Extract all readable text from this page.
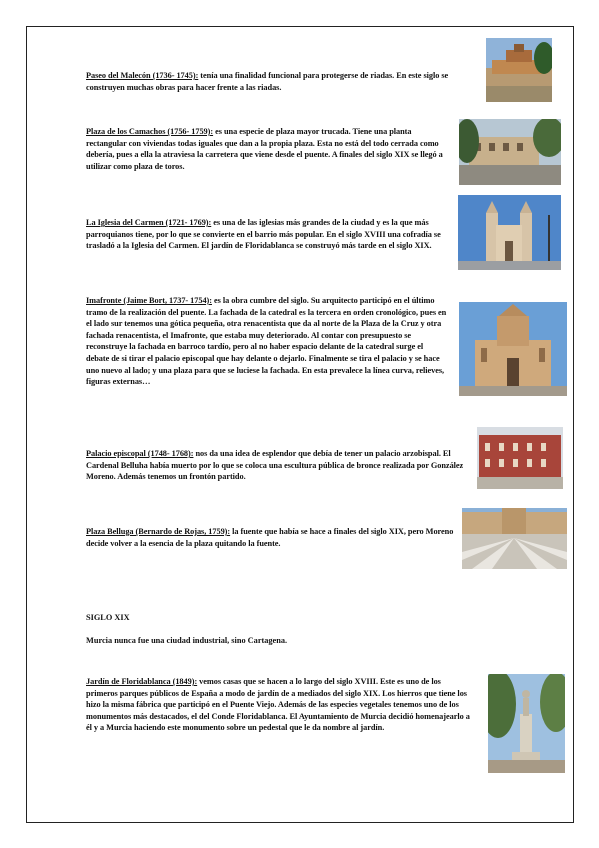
Paseo del Malecón (1736- 1745): tenía una finalidad funcional para protegerse de riadas. En este siglo se construyen muchas obras para hacer frente a las riadas.
Plaza de los Camachos (1756- 1759): es una especie de plaza mayor trucada. Tiene una planta rectangular con viviendas todas iguales que dan a la propia plaza. Esta no está del todo cerrada como debería, pues a ella la atraviesa la carretera que viene desde el puente. A finales del siglo XIX se llegó a utilizar como plaza de toros.
La Iglesia del Carmen (1721- 1769): es una de las iglesias más grandes de la ciudad y es la que más parroquianos tiene, por lo que se convierte en el barrio más popular. En el siglo XVIII una cofradía se trasladó a la Iglesia del Carmen. El jardín de Floridablanca se construyó más tarde en el siglo XIX.
Imafronte (Jaime Bort, 1737- 1754): es la obra cumbre del siglo. Su arquitecto participó en el último tramo de la realización del puente. La fachada de la catedral es la tercera en orden cronológico, pues en el lado sur tenemos una gótica pequeña, otra renacentista que da al norte de la Plaza de la Cruz y otra fachada renacentista, el Imafronte, que estaba muy deteriorado. Al contar con presupuesto se reconstruye la fachada en barroco tardío, pero al no haber espacio delante de la catedral surge el debate de si tirar el palacio episcopal que hay delante o dejarlo. Finalmente se tira el palacio y se hace uno nuevo al lado; y una plaza para que se luciese la fachada. En esta prevalece la línea curva, relieves, figuras externas…
Palacio episcopal (1748- 1768): nos da una idea de esplendor que debía de tener un palacio arzobispal. El Cardenal Belluha había muerto por lo que se coloca una escultura pública de bronce realizada por González Moreno. Además tenemos un frontón partido.
Plaza Belluga (Bernardo de Rojas, 1759): la fuente que había se hace a finales del siglo XIX, pero Moreno decide volver a la esencia de la plaza quitando la fuente.
SIGLO XIX
Murcia nunca fue una ciudad industrial, sino Cartagena.
Jardín de Floridablanca (1849): vemos casas que se hacen a lo largo del siglo XVIII. Este es uno de los primeros parques públicos de España a modo de jardín de a mediados del siglo XIX. Los hierros que tiene los hizo la misma fábrica que participó en el Puente Viejo. Además de las especies vegetales tenemos uno de los monumentos más destacados, el del Conde Floridablanca. El Ayuntamiento de Murcia decidió homenajearlo a él y a Murcia haciendo este monumento sobre un pedestal que le da nombre al jardín.
